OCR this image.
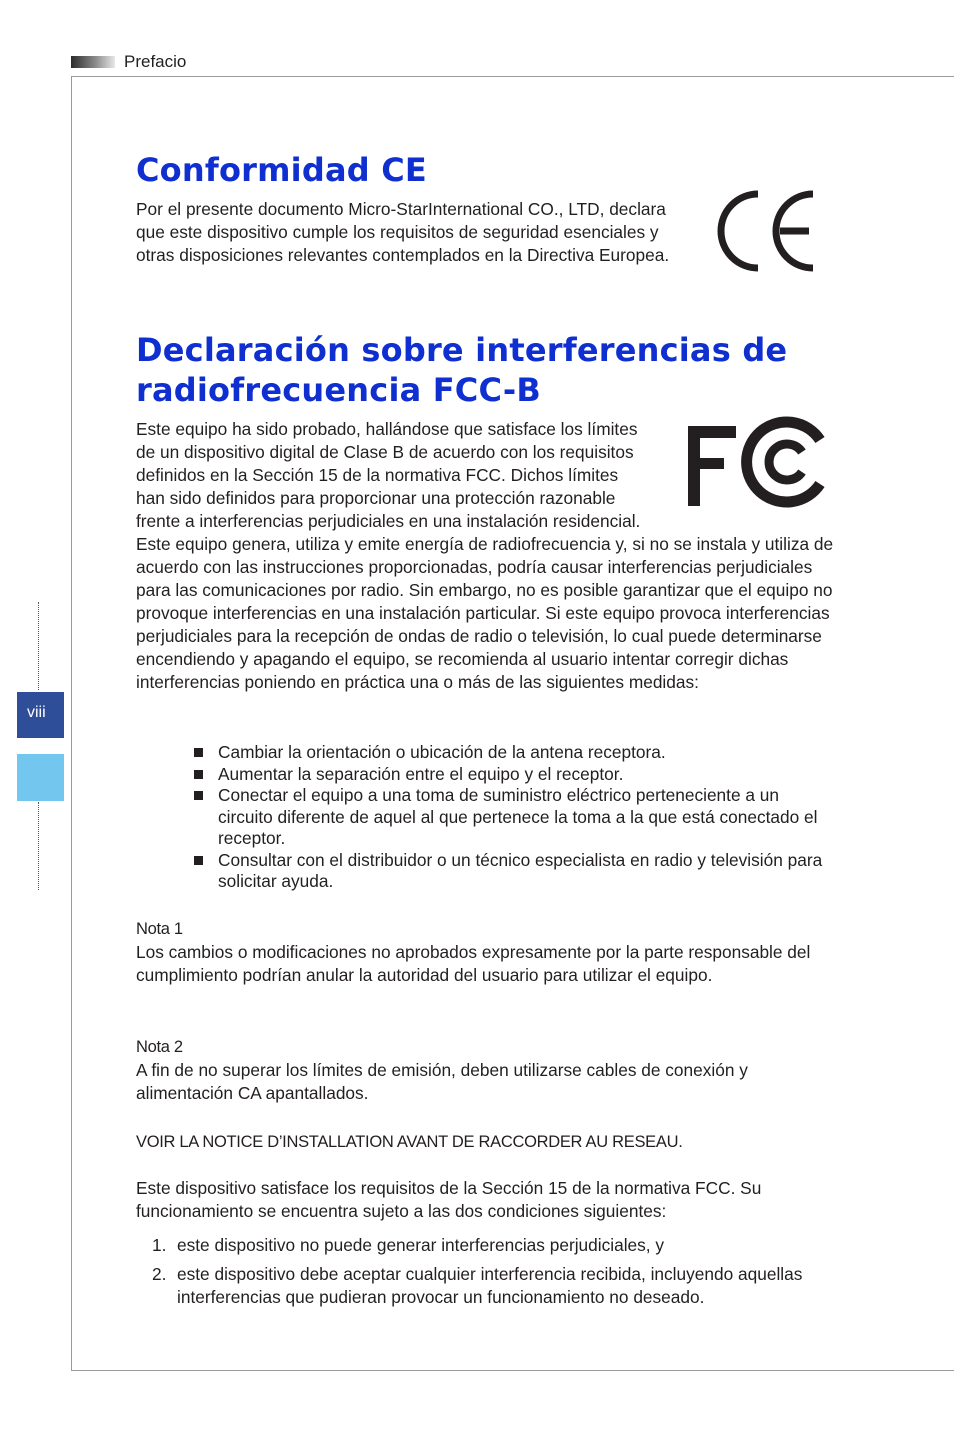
Prefacio
viii
Conformidad CE

Por el presente documento Micro-StarInternational CO., LTD, declara que este dispositivo cumple los requisitos de seguridad esenciales y otras disposiciones relevantes contemplados en la Directiva Europea.

Declaración sobre interferencias de radiofrecuencia FCC-B

Este equipo ha sido probado, hallándose que satisface los límites de un dispositivo digital de Clase B de acuerdo con los requisitos definidos en la Sección 15 de la normativa FCC. Dichos límites han sido definidos para proporcionar una protección razonable frente a interferencias perjudiciales en una instalación residencial. Este equipo genera, utiliza y emite energía de radiofrecuencia y, si no se instala y utiliza de acuerdo con las instrucciones proporcionadas, podría causar interferencias perjudiciales para las comunicaciones por radio. Sin embargo, no es posible garantizar que el equipo no provoque interferencias en una instalación particular. Si este equipo provoca interferencias perjudiciales para la recepción de ondas de radio o televisión, lo cual puede determinarse encendiendo y apagando el equipo, se recomienda al usuario intentar corregir dichas interferencias poniendo en práctica una o más de las siguientes medidas:

Cambiar la orientación o ubicación de la antena receptora.
Aumentar la separación entre el equipo y el receptor.
Conectar el equipo a una toma de suministro eléctrico perteneciente a un circuito diferente de aquel al que pertenece la toma a la que está conectado el receptor.
Consultar con el distribuidor o un técnico especialista en radio y televisión para solicitar ayuda.
Nota 1

Los cambios o modificaciones no aprobados expresamente por la parte responsable del cumplimiento podrían anular la autoridad del usuario para utilizar el equipo.

Nota 2

A fin de no superar los límites de emisión, deben utilizarse cables de conexión y alimentación CA apantallados.

VOIR LA NOTICE D’INSTALLATION AVANT DE RACCORDER AU RESEAU.

Este dispositivo satisface los requisitos de la Sección 15 de la normativa FCC. Su funcionamiento se encuentra sujeto a las dos condiciones siguientes:

1. este dispositivo no puede generar interferencias perjudiciales, y
2. este dispositivo debe aceptar cualquier interferencia recibida, incluyendo aquellas interferencias que pudieran provocar un funcionamiento no deseado.
